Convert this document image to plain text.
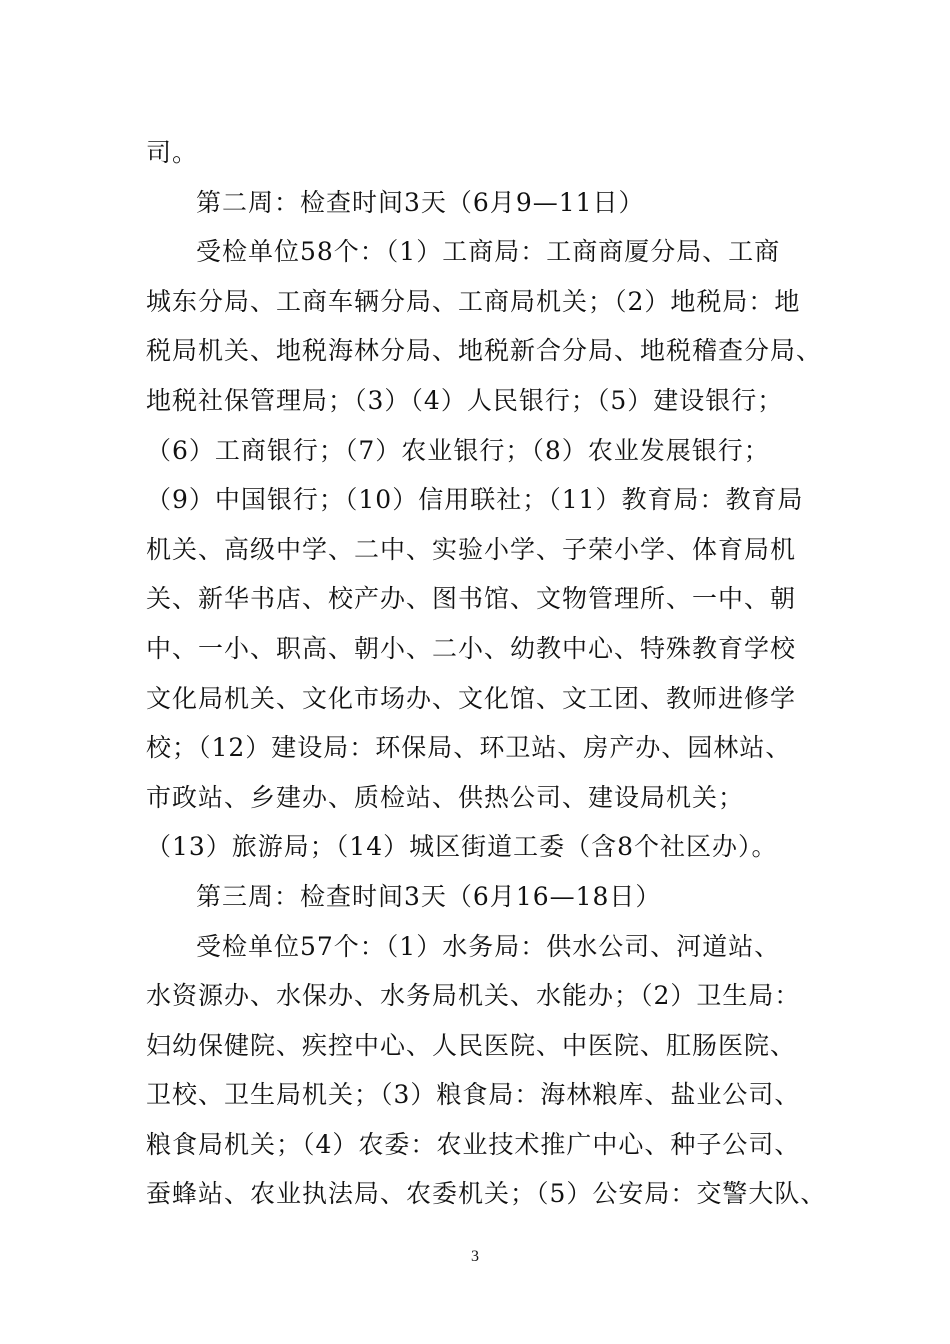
司。
第二周：检查时间3天（6月9—11日）
受检单位58个：（1）工商局：工商商厦分局、工商
城东分局、工商车辆分局、工商局机关；（2）地税局：地
税局机关、地税海林分局、地税新合分局、地税稽查分局、
地税社保管理局；（3）（4）人民银行；（5）建设银行；
（6）工商银行；（7）农业银行；（8）农业发展银行；
（9）中国银行；（10）信用联社；（11）教育局：教育局
机关、高级中学、二中、实验小学、子荣小学、体育局机
关、新华书店、校产办、图书馆、文物管理所、一中、朝
中、一小、职高、朝小、二小、幼教中心、特殊教育学校
文化局机关、文化市场办、文化馆、文工团、教师进修学
校；（12）建设局：环保局、环卫站、房产办、园林站、
市政站、乡建办、质检站、供热公司、建设局机关；
（13）旅游局；（14）城区街道工委（含8个社区办）。
第三周：检查时间3天（6月16—18日）
受检单位57个：（1）水务局：供水公司、河道站、
水资源办、水保办、水务局机关、水能办；（2）卫生局：
妇幼保健院、疾控中心、人民医院、中医院、肛肠医院、
卫校、卫生局机关；（3）粮食局：海林粮库、盐业公司、
粮食局机关；（4）农委：农业技术推广中心、种子公司、
蚕蜂站、农业执法局、农委机关；（5）公安局：交警大队、
3
